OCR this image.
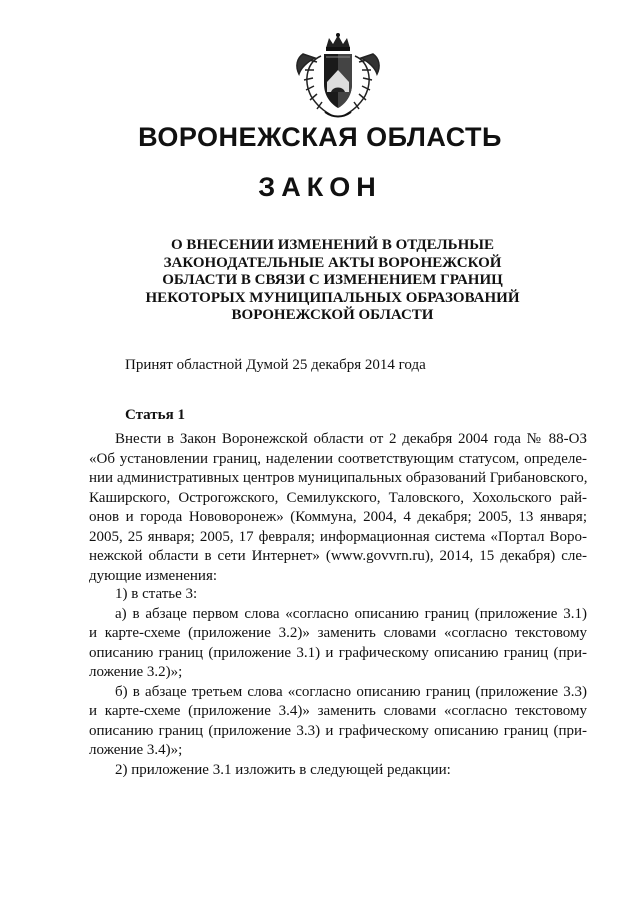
ВОРОНЕЖСКАЯ ОБЛАСТЬ
ЗАКОН
О ВНЕСЕНИИ ИЗМЕНЕНИЙ В ОТДЕЛЬНЫЕ
ЗАКОНОДАТЕЛЬНЫЕ АКТЫ ВОРОНЕЖСКОЙ
ОБЛАСТИ В СВЯЗИ С ИЗМЕНЕНИЕМ ГРАНИЦ
НЕКОТОРЫХ МУНИЦИПАЛЬНЫХ ОБРАЗОВАНИЙ
ВОРОНЕЖСКОЙ ОБЛАСТИ

Принят областной Думой 25 декабря 2014 года

Статья 1

Внести в Закон Воронежской области от 2 декабря 2004 года № 88-ОЗ
«Об установлении границ, наделении соответствующим статусом, определе-
нии административных центров муниципальных образований Грибановского,
Каширского, Острогожского, Семилукского, Таловского, Хохольского рай-
онов и города Нововоронеж» (Коммуна, 2004, 4 декабря; 2005, 13 января;
2005, 25 января; 2005, 17 февраля; информационная система «Портал Воро-
нежской области в сети Интернет» (www.govvrn.ru), 2014, 15 декабря) сле-
дующие изменения:
1) в статье 3:
а) в абзаце первом слова «согласно описанию границ (приложение 3.1)
и карте-схеме (приложение 3.2)» заменить словами «согласно текстовому
описанию границ (приложение 3.1) и графическому описанию границ (при-
ложение 3.2)»;
б) в абзаце третьем слова «согласно описанию границ (приложение 3.3)
и карте-схеме (приложение 3.4)» заменить словами «согласно текстовому
описанию границ (приложение 3.3) и графическому описанию границ (при-
ложение 3.4)»;
2) приложение 3.1 изложить в следующей редакции:
